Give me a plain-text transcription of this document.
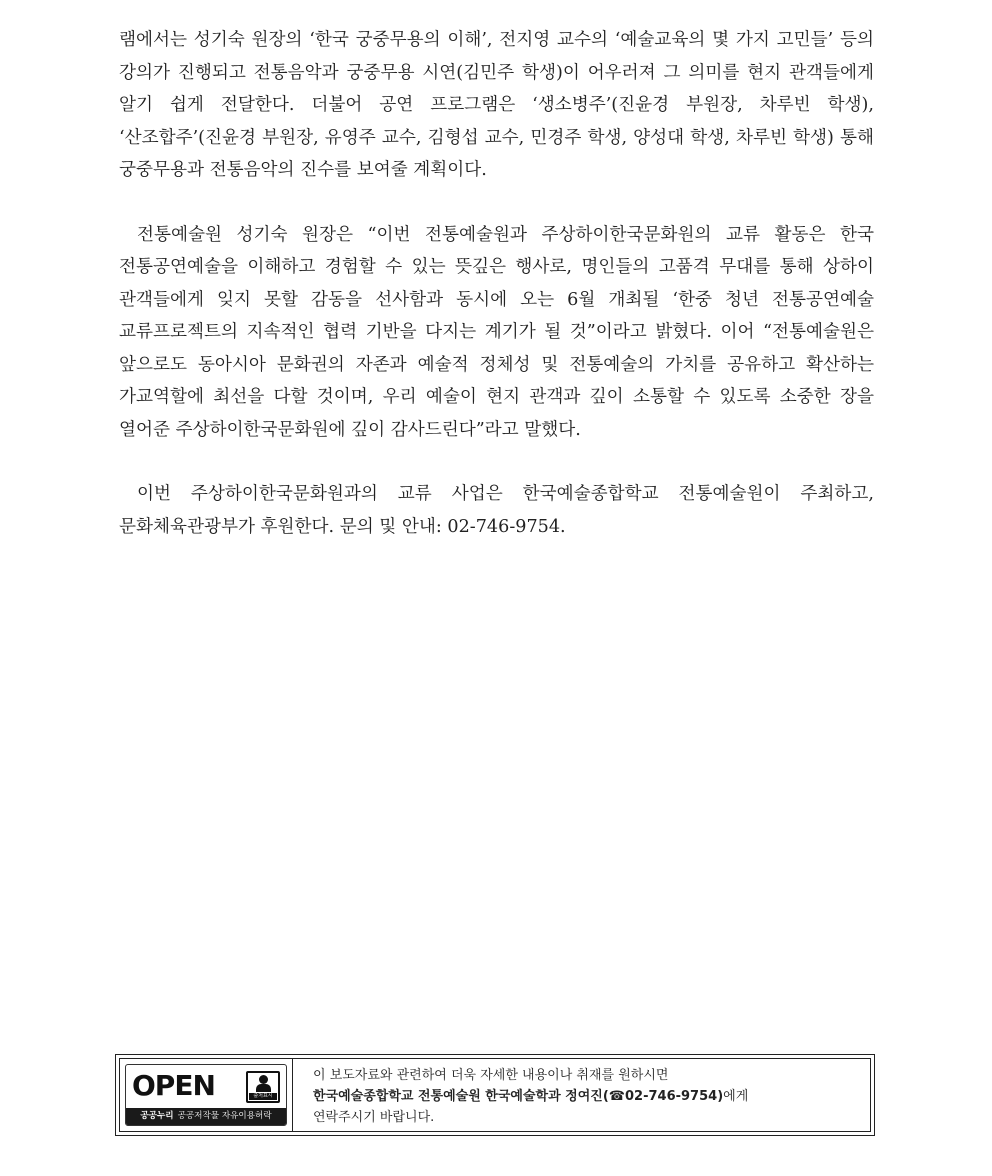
램에서는 성기숙 원장의 ‘한국 궁중무용의 이해’, 전지영 교수의 ‘예술교육의 몇 가지 고민들’ 등의 강의가 진행되고 전통음악과 궁중무용 시연(김민주 학생)이 어우러져 그 의미를 현지 관객들에게 알기 쉽게 전달한다. 더불어 공연 프로그램은 ‘생소병주’(진윤경 부원장, 차루빈 학생), ‘산조합주’(진윤경 부원장, 유영주 교수, 김형섭 교수, 민경주 학생, 양성대 학생, 차루빈 학생) 통해 궁중무용과 전통음악의 진수를 보여줄 계획이다.

전통예술원 성기숙 원장은 “이번 전통예술원과 주상하이한국문화원의 교류 활동은 한국 전통공연예술을 이해하고 경험할 수 있는 뜻깊은 행사로, 명인들의 고품격 무대를 통해 상하이 관객들에게 잊지 못할 감동을 선사함과 동시에 오는 6월 개최될 ‘한중 청년 전통공연예술 교류프로젝트의 지속적인 협력 기반을 다지는 계기가 될 것”이라고 밝혔다. 이어 “전통예술원은 앞으로도 동아시아 문화권의 자존과 예술적 정체성 및 전통예술의 가치를 공유하고 확산하는 가교역할에 최선을 다할 것이며, 우리 예술이 현지 관객과 깊이 소통할 수 있도록 소중한 장을 열어준 주상하이한국문화원에 깊이 감사드린다”라고 말했다.

이번 주상하이한국문화원과의 교류 사업은 한국예술종합학교 전통예술원이 주최하고, 문화체육관광부가 후원한다. 문의 및 안내: 02-746-9754.

OPEN	출처표시
공공누리 공공저작물 자유이용허락
이 보도자료와 관련하여 더욱 자세한 내용이나 취재를 원하시면
한국예술종합학교 전통예술원 한국예술학과 정여진(☎02-746-9754)에게
연락주시기 바랍니다.
